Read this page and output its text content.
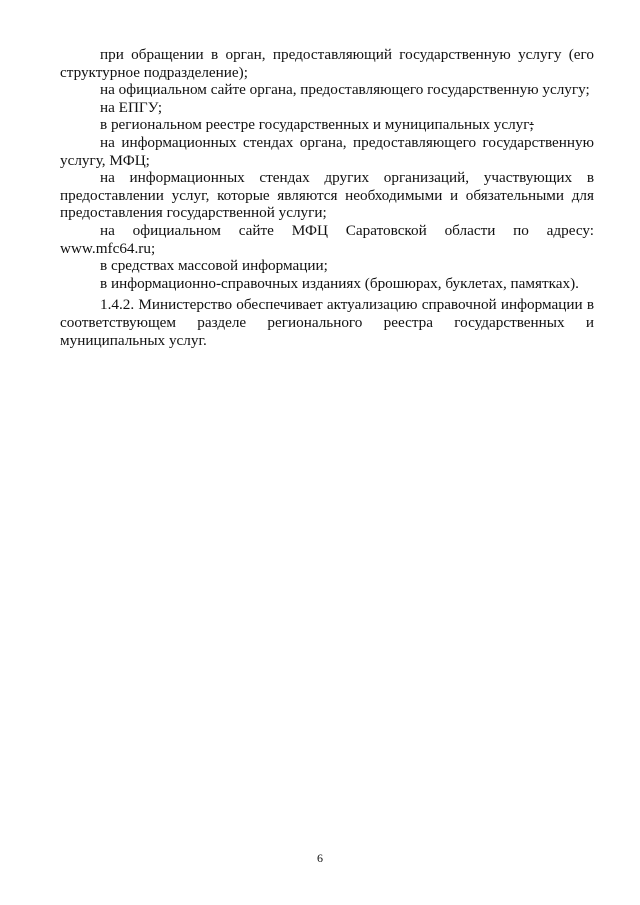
при обращении в орган, предоставляющий государственную услугу (его структурное подразделение);

на официальном сайте органа, предоставляющего государственную услугу;

на ЕПГУ;

в региональном реестре государственных и муниципальных услуг;

на информационных стендах органа, предоставляющего государственную услугу, МФЦ;

на информационных стендах других организаций, участвующих в предоставлении услуг, которые являются необходимыми и обязательными для предоставления государственной услуги;

на официальном сайте МФЦ Саратовской области по адресу: www.mfc64.ru;

в средствах массовой информации;

в информационно-справочных изданиях (брошюрах, буклетах, памятках).

1.4.2. Министерство обеспечивает актуализацию справочной информации в соответствующем разделе регионального реестра государственных и муниципальных услуг.

6
